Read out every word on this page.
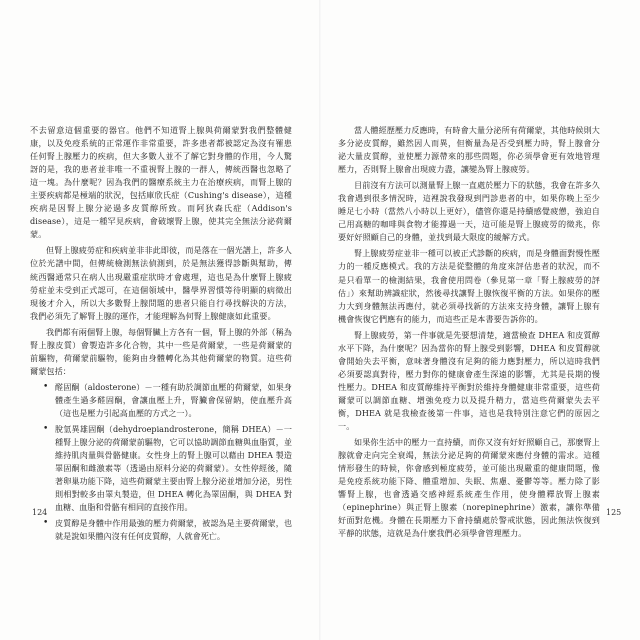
不去留意這個重要的器官。他們不知道腎上腺與荷爾蒙對我們整體健康，以及免疫系統的正常運作非常重要，許多患者都被認定為沒有罹患任何腎上腺壓力的疾病，但大多數人並不了解它對身體的作用，今人驚訝的是，我的患者並非唯一不重視腎上腺的一群人，傳統西醫也忽略了這一塊。為什麼呢？因為我們的醫療系統主力在治療疾病，而腎上腺的主要疾病都是極端的狀況，包括庫欣氏症（Cushing's disease），這種疾病是因腎上腺分泌過多皮質醇所致。而阿狄森氏症（Addison's disease），這是一種罕見疾病，會破壞腎上腺，使其完全無法分泌荷爾蒙。

但腎上腺疲勞症和疾病並非非此即彼，而是落在一個光譜上，許多人位於光譜中間，但傳統檢測無法偵測到，於是無法獲得診斷與幫助，傳統西醫通常只在病人出現嚴重症狀時才會處理，這也是為什麼腎上腺疲勞症並未受到正式認可，在這個領域中，醫學界習慣等待明顯的病徵出現後才介入，所以大多數腎上腺問題的患者只能自行尋找解決的方法，我們必須先了解腎上腺的運作，才能理解為何腎上腺健康如此重要。

我們都有兩個腎上腺，每個腎臟上方各有一個，腎上腺的外部（稱為腎上腺皮質）會製造許多化合物，其中一些是荷爾蒙，一些是荷爾蒙的前驅物，荷爾蒙前驅物，能夠由身體轉化為其他荷爾蒙的物質。這些荷爾蒙包括：

• 醛固酮（aldosterone）－一種有助於調節血壓的荷爾蒙，如果身體產生過多醛固酮，會讓血壓上升，腎臟會保留鈉，使血壓升高（這也是壓力引起高血壓的方式之一）。
• 脫氫異雄固酮（dehydroepiandrosterone，簡稱 DHEA）－一種腎上腺分泌的荷爾蒙前驅物，它可以協助調節血糖與血脂質，並維持肌肉量與骨骼健康。女性身上的腎上腺可以藉由 DHEA 製造睪固酮和雌激素等（透過由原料分泌的荷爾蒙）。女性停經後，隨著卵巢功能下降，這些荷爾蒙主要由腎上腺分泌並增加分泌，男性則相對較多由睪丸製造，但 DHEA 轉化為睪固酮，與 DHEA 對血糖、血脂和骨骼有相同的直接作用。
• 皮質醇是身體中作用最強的壓力荷爾蒙，被認為是主要荷爾蒙，也就是說如果體內沒有任何皮質醇，人就會死亡。

當人體經歷壓力反應時，有時會大量分泌所有荷爾蒙，其他時候則大多分泌皮質醇，雖然因人而異，但衡量為是否受到壓力時，腎上腺會分泌大量皮質醇，並使壓力源帶來的那些問題，你必須學會更有效地管理壓力，否則腎上腺會出現疲力盡，讓變為腎上腺疲勞。

目前沒有方法可以測量腎上腺一直處於壓力下的狀態，我會在許多久我會遇到很多情況時，這裡說我發現到門診患者的中，如果你晚上至少睡足七小時（當然八小時以上更好），儘管你還是持續感覺疲憊，強迫自己用高糖的咖啡與食物才能撐過一天，這可能是腎上腺疲勞的徵兆，你要好好照顧自己的身體，並找到最大限度的緩解方式。

腎上腺疲勞症並非一種可以被正式診斷的疾病，而是身體面對慢性壓力的一種反應模式。我的方法是從整體的角度來評估患者的狀況，而不是只看單一的檢測結果，我會使用問卷（參見第一章「腎上腺疲勞的評估」）來幫助辨識症狀，然後尋找讓腎上腺恢復平衡的方法。如果你的壓力大到身體無法再應付，就必須尋找新的方法來支持身體，讓腎上腺有機會恢復它們應有的能力，而這些正是本書要告訴你的。

腎上腺疲勞，第一件事就是先要想清楚，適當檢查 DHEA 和皮質醇水平下降，為什麼呢？因為當你的腎上腺受到影響，DHEA 和皮質醇就會開始失去平衡，意味著身體沒有足夠的能力應對壓力，所以這時我們必須要認真對待，壓力對你的健康會產生深遠的影響，尤其是長期的慢性壓力。DHEA 和皮質醇維持平衡對於維持身體健康非常重要，這些荷爾蒙可以調節血糖、增強免疫力以及提升精力，當這些荷爾蒙失去平衡，DHEA 就是我檢查後第一件事，這也是我特別注意它們的原因之一。

如果你生活中的壓力一直持續，而你又沒有好好照顧自己，那麼腎上腺就會走向完全衰竭，無法分泌足夠的荷爾蒙來應付身體的需求。這種情形發生的時候，你會感到極度疲勞，並可能出現嚴重的健康問題，像是免疫系統功能下降、體重增加、失眠、焦慮、憂鬱等等。壓力除了影響腎上腺，也會透過交感神經系統產生作用，使身體釋放腎上腺素（epinephrine）與正腎上腺素（norepinephrine）激素，讓你準備好面對危機。身體在長期壓力下會持續處於警戒狀態，因此無法恢復到平靜的狀態，這就是為什麼我們必須學會管理壓力。

124	125
